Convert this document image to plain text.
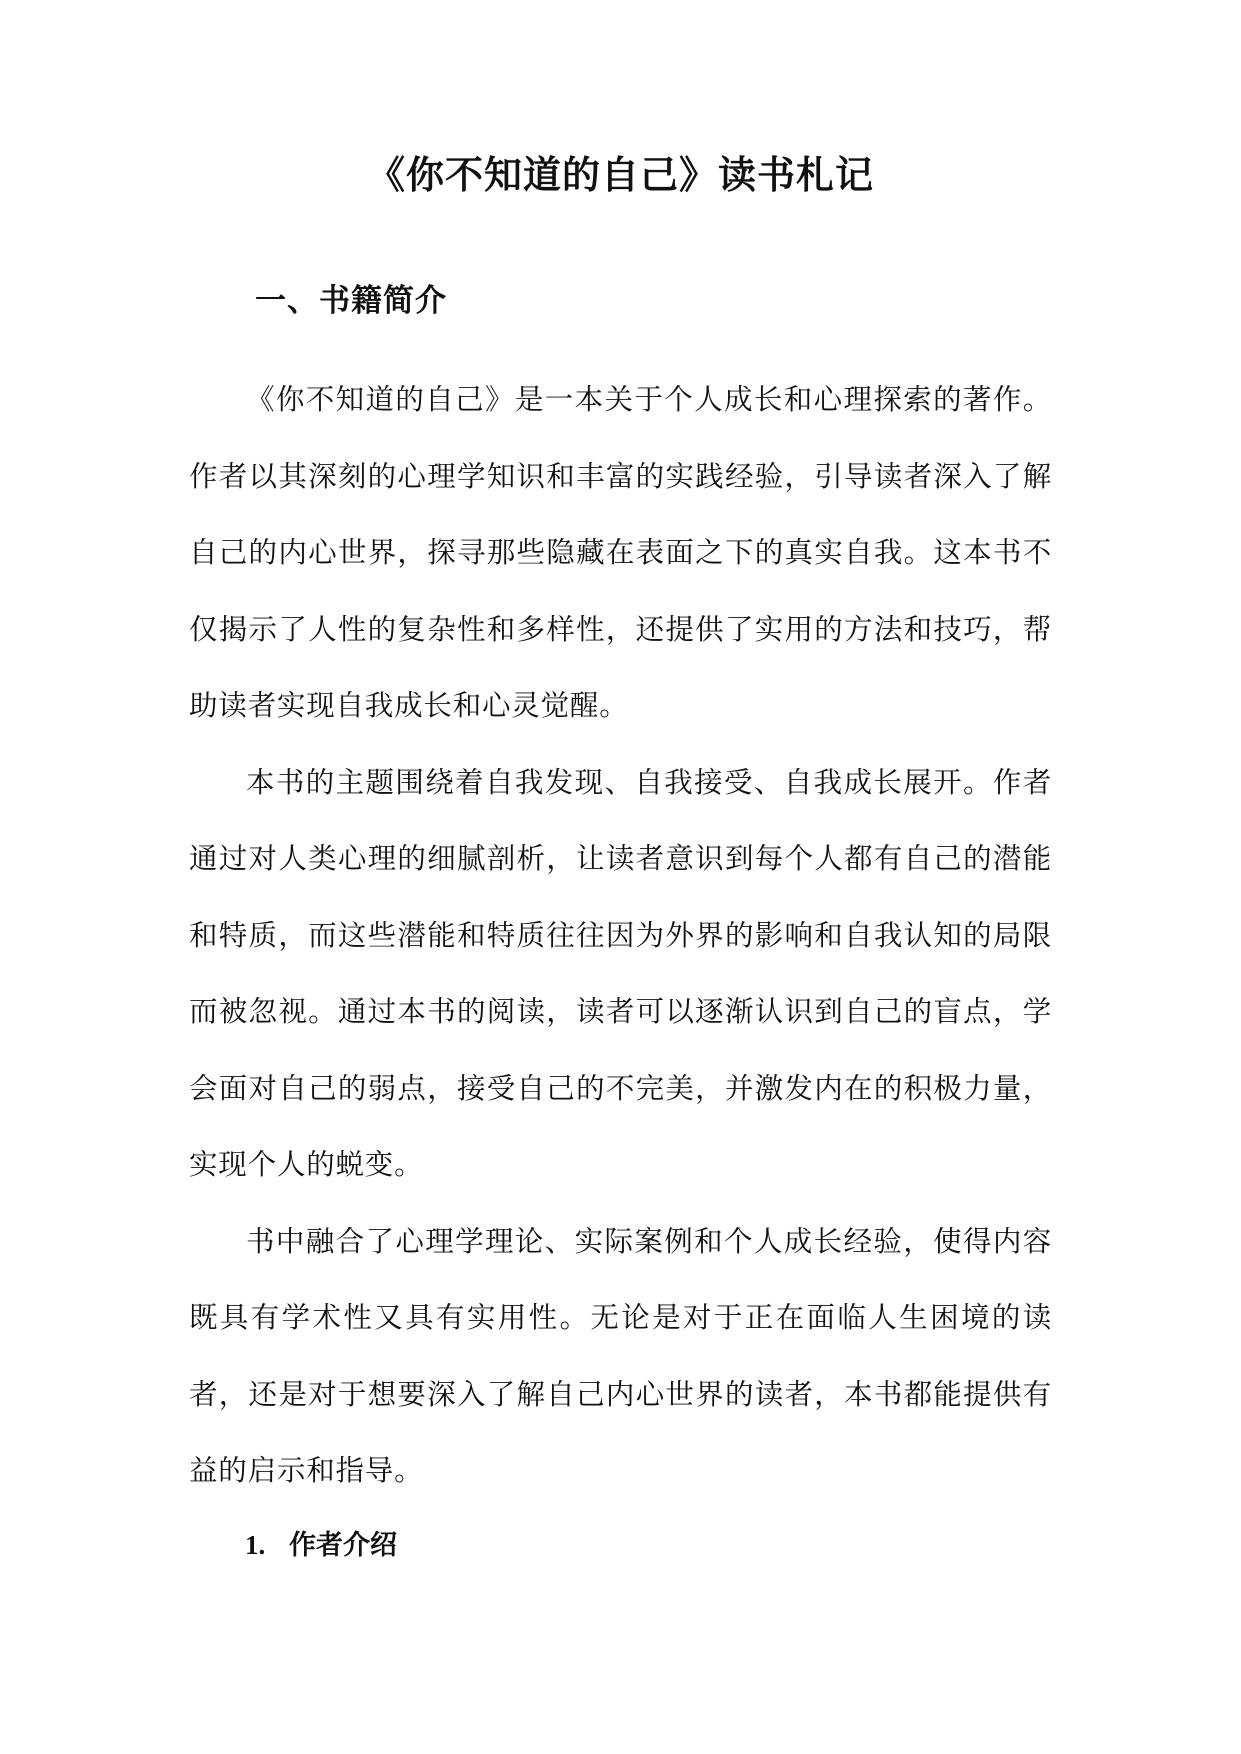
《你不知道的自己》读书札记
一、书籍简介

《你不知道的自己》是一本关于个人成长和心理探索的著作。作者以其深刻的心理学知识和丰富的实践经验，引导读者深入了解自己的内心世界，探寻那些隐藏在表面之下的真实自我。这本书不仅揭示了人性的复杂性和多样性，还提供了实用的方法和技巧，帮助读者实现自我成长和心灵觉醒。

本书的主题围绕着自我发现、自我接受、自我成长展开。作者通过对人类心理的细腻剖析，让读者意识到每个人都有自己的潜能和特质，而这些潜能和特质往往因为外界的影响和自我认知的局限而被忽视。通过本书的阅读，读者可以逐渐认识到自己的盲点，学会面对自己的弱点，接受自己的不完美，并激发内在的积极力量，实现个人的蜕变。

书中融合了心理学理论、实际案例和个人成长经验，使得内容既具有学术性又具有实用性。无论是对于正在面临人生困境的读者，还是对于想要深入了解自己内心世界的读者，本书都能提供有益的启示和指导。

1. 作者介绍
